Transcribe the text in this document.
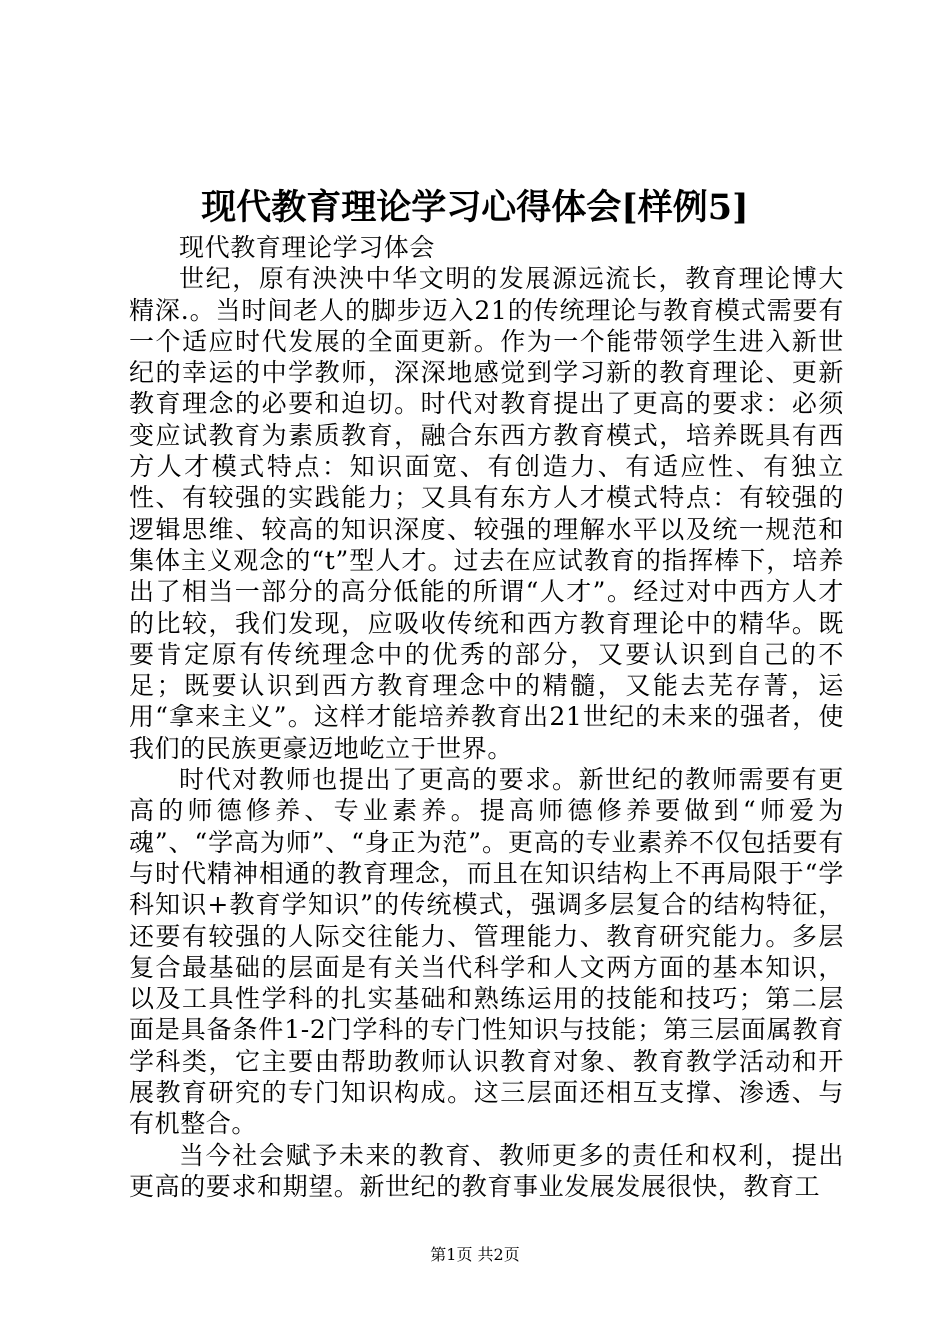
现代教育理论学习心得体会[样例5]

现代教育理论学习体会

世纪，原有泱泱中华文明的发展源远流长，教育理论博大精深.。当时间老人的脚步迈入21的传统理论与教育模式需要有一个适应时代发展的全面更新。作为一个能带领学生进入新世纪的幸运的中学教师，深深地感觉到学习新的教育理论、更新教育理念的必要和迫切。时代对教育提出了更高的要求：必须变应试教育为素质教育，融合东西方教育模式，培养既具有西方人才模式特点：知识面宽、有创造力、有适应性、有独立性、有较强的实践能力；又具有东方人才模式特点：有较强的逻辑思维、较高的知识深度、较强的理解水平以及统一规范和集体主义观念的“t”型人才。过去在应试教育的指挥棒下，培养出了相当一部分的高分低能的所谓“人才”。经过对中西方人才的比较，我们发现，应吸收传统和西方教育理论中的精华。既要肯定原有传统理念中的优秀的部分，又要认识到自己的不足；既要认识到西方教育理念中的精髓，又能去芜存菁，运用“拿来主义”。这样才能培养教育出21世纪的未来的强者，使我们的民族更豪迈地屹立于世界。

时代对教师也提出了更高的要求。新世纪的教师需要有更高的师德修养、专业素养。提高师德修养要做到“师爱为魂”、“学高为师”、“身正为范”。更高的专业素养不仅包括要有与时代精神相通的教育理念，而且在知识结构上不再局限于“学科知识+教育学知识”的传统模式，强调多层复合的结构特征，还要有较强的人际交往能力、管理能力、教育研究能力。多层复合最基础的层面是有关当代科学和人文两方面的基本知识，以及工具性学科的扎实基础和熟练运用的技能和技巧；第二层面是具备条件1-2门学科的专门性知识与技能；第三层面属教育学科类，它主要由帮助教师认识教育对象、教育教学活动和开展教育研究的专门知识构成。这三层面还相互支撑、渗透、与有机整合。

当今社会赋予未来的教育、教师更多的责任和权利，提出更高的要求和期望。新世纪的教育事业发展发展很快，教育工

第1页 共2页
